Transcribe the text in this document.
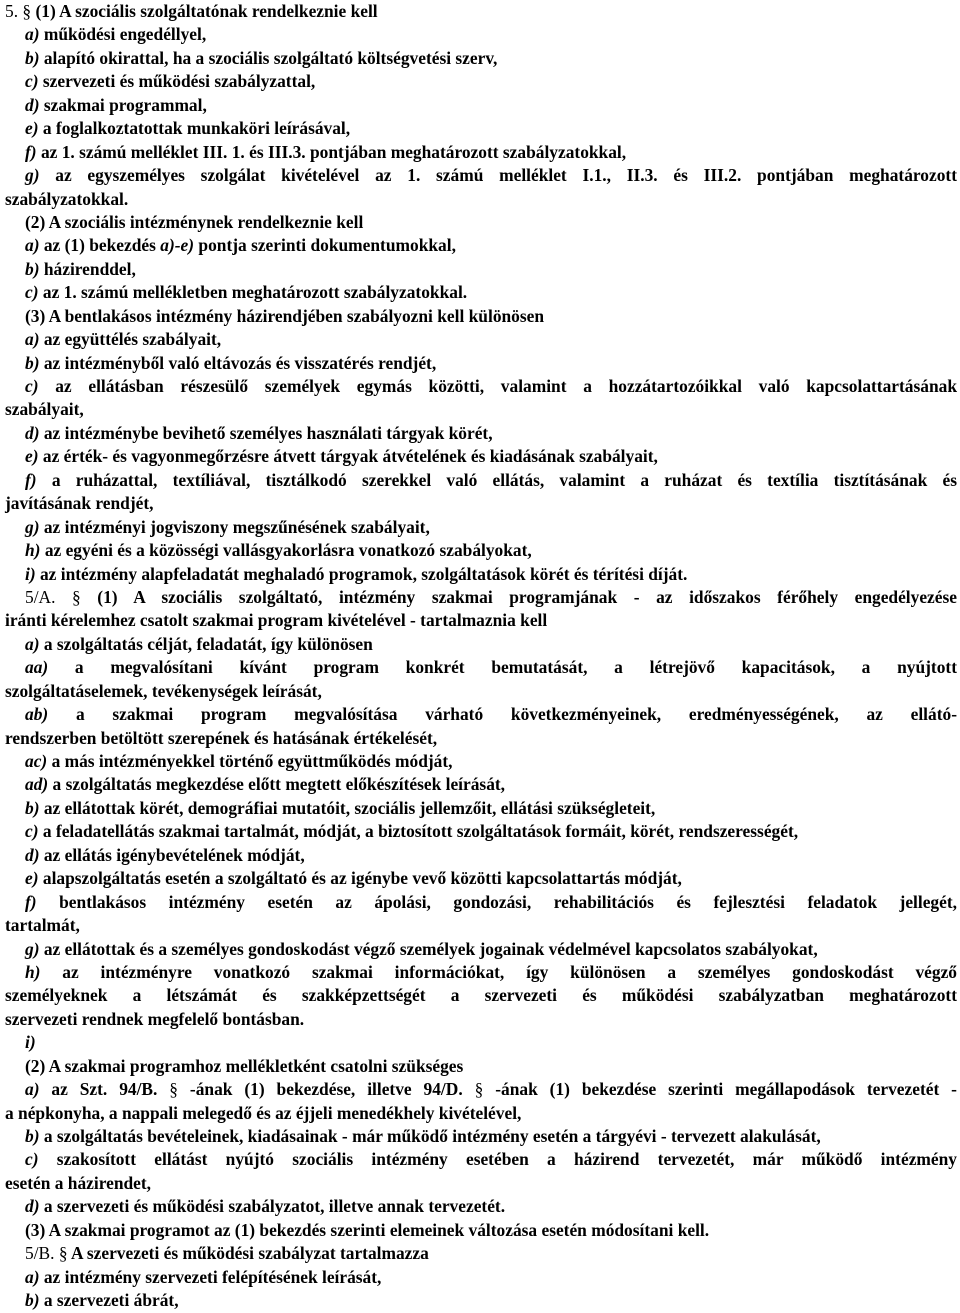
5. § (1) A szociális szolgáltatónak rendelkeznie kell
a) működési engedéllyel,
b) alapító okirattal, ha a szociális szolgáltató költségvetési szerv,
c) szervezeti és működési szabályzattal,
d) szakmai programmal,
e) a foglalkoztatottak munkaköri leírásával,
f) az 1. számú melléklet III. 1. és III.3. pontjában meghatározott szabályzatokkal,
g) az egyszemélyes szolgálat kivételével az 1. számú melléklet I.1., II.3. és III.2. pontjában meghatározott
szabályzatokkal.
(2) A szociális intézménynek rendelkeznie kell
a) az (1) bekezdés a)-e) pontja szerinti dokumentumokkal,
b) házirenddel,
c) az 1. számú mellékletben meghatározott szabályzatokkal.
(3) A bentlakásos intézmény házirendjében szabályozni kell különösen
a) az együttélés szabályait,
b) az intézményből való eltávozás és visszatérés rendjét,
c) az ellátásban részesülő személyek egymás közötti, valamint a hozzátartozóikkal való kapcsolattartásának
szabályait,
d) az intézménybe bevihető személyes használati tárgyak körét,
e) az érték- és vagyonmegőrzésre átvett tárgyak átvételének és kiadásának szabályait,
f) a ruházattal, textíliával, tisztálkodó szerekkel való ellátás, valamint a ruházat és textília tisztításának és
javításának rendjét,
g) az intézményi jogviszony megszűnésének szabályait,
h) az egyéni és a közösségi vallásgyakorlásra vonatkozó szabályokat,
i) az intézmény alapfeladatát meghaladó programok, szolgáltatások körét és térítési díját.
5/A. § (1) A szociális szolgáltató, intézmény szakmai programjának - az időszakos férőhely engedélyezése
iránti kérelemhez csatolt szakmai program kivételével - tartalmaznia kell
a) a szolgáltatás célját, feladatát, így különösen
aa) a megvalósítani kívánt program konkrét bemutatását, a létrejövő kapacitások, a nyújtott
szolgáltatáselemek, tevékenységek leírását,
ab) a szakmai program megvalósítása várható következményeinek, eredményességének, az ellátó-
rendszerben betöltött szerepének és hatásának értékelését,
ac) a más intézményekkel történő együttműködés módját,
ad) a szolgáltatás megkezdése előtt megtett előkészítések leírását,
b) az ellátottak körét, demográfiai mutatóit, szociális jellemzőit, ellátási szükségleteit,
c) a feladatellátás szakmai tartalmát, módját, a biztosított szolgáltatások formáit, körét, rendszerességét,
d) az ellátás igénybevételének módját,
e) alapszolgáltatás esetén a szolgáltató és az igénybe vevő közötti kapcsolattartás módját,
f) bentlakásos intézmény esetén az ápolási, gondozási, rehabilitációs és fejlesztési feladatok jellegét,
tartalmát,
g) az ellátottak és a személyes gondoskodást végző személyek jogainak védelmével kapcsolatos szabályokat,
h) az intézményre vonatkozó szakmai információkat, így különösen a személyes gondoskodást végző
személyeknek a létszámát és szakképzettségét a szervezeti és működési szabályzatban meghatározott
szervezeti rendnek megfelelő bontásban.
i)
(2) A szakmai programhoz mellékletként csatolni szükséges
a) az Szt. 94/B. § -ának (1) bekezdése, illetve 94/D. § -ának (1) bekezdése szerinti megállapodások tervezetét -
a népkonyha, a nappali melegedő és az éjjeli menedékhely kivételével,
b) a szolgáltatás bevételeinek, kiadásainak - már működő intézmény esetén a tárgyévi - tervezett alakulását,
c) szakosított ellátást nyújtó szociális intézmény esetében a házirend tervezetét, már működő intézmény
esetén a házirendet,
d) a szervezeti és működési szabályzatot, illetve annak tervezetét.
(3) A szakmai programot az (1) bekezdés szerinti elemeinek változása esetén módosítani kell.
5/B. § A szervezeti és működési szabályzat tartalmazza
a) az intézmény szervezeti felépítésének leírását,
b) a szervezeti ábrát,
